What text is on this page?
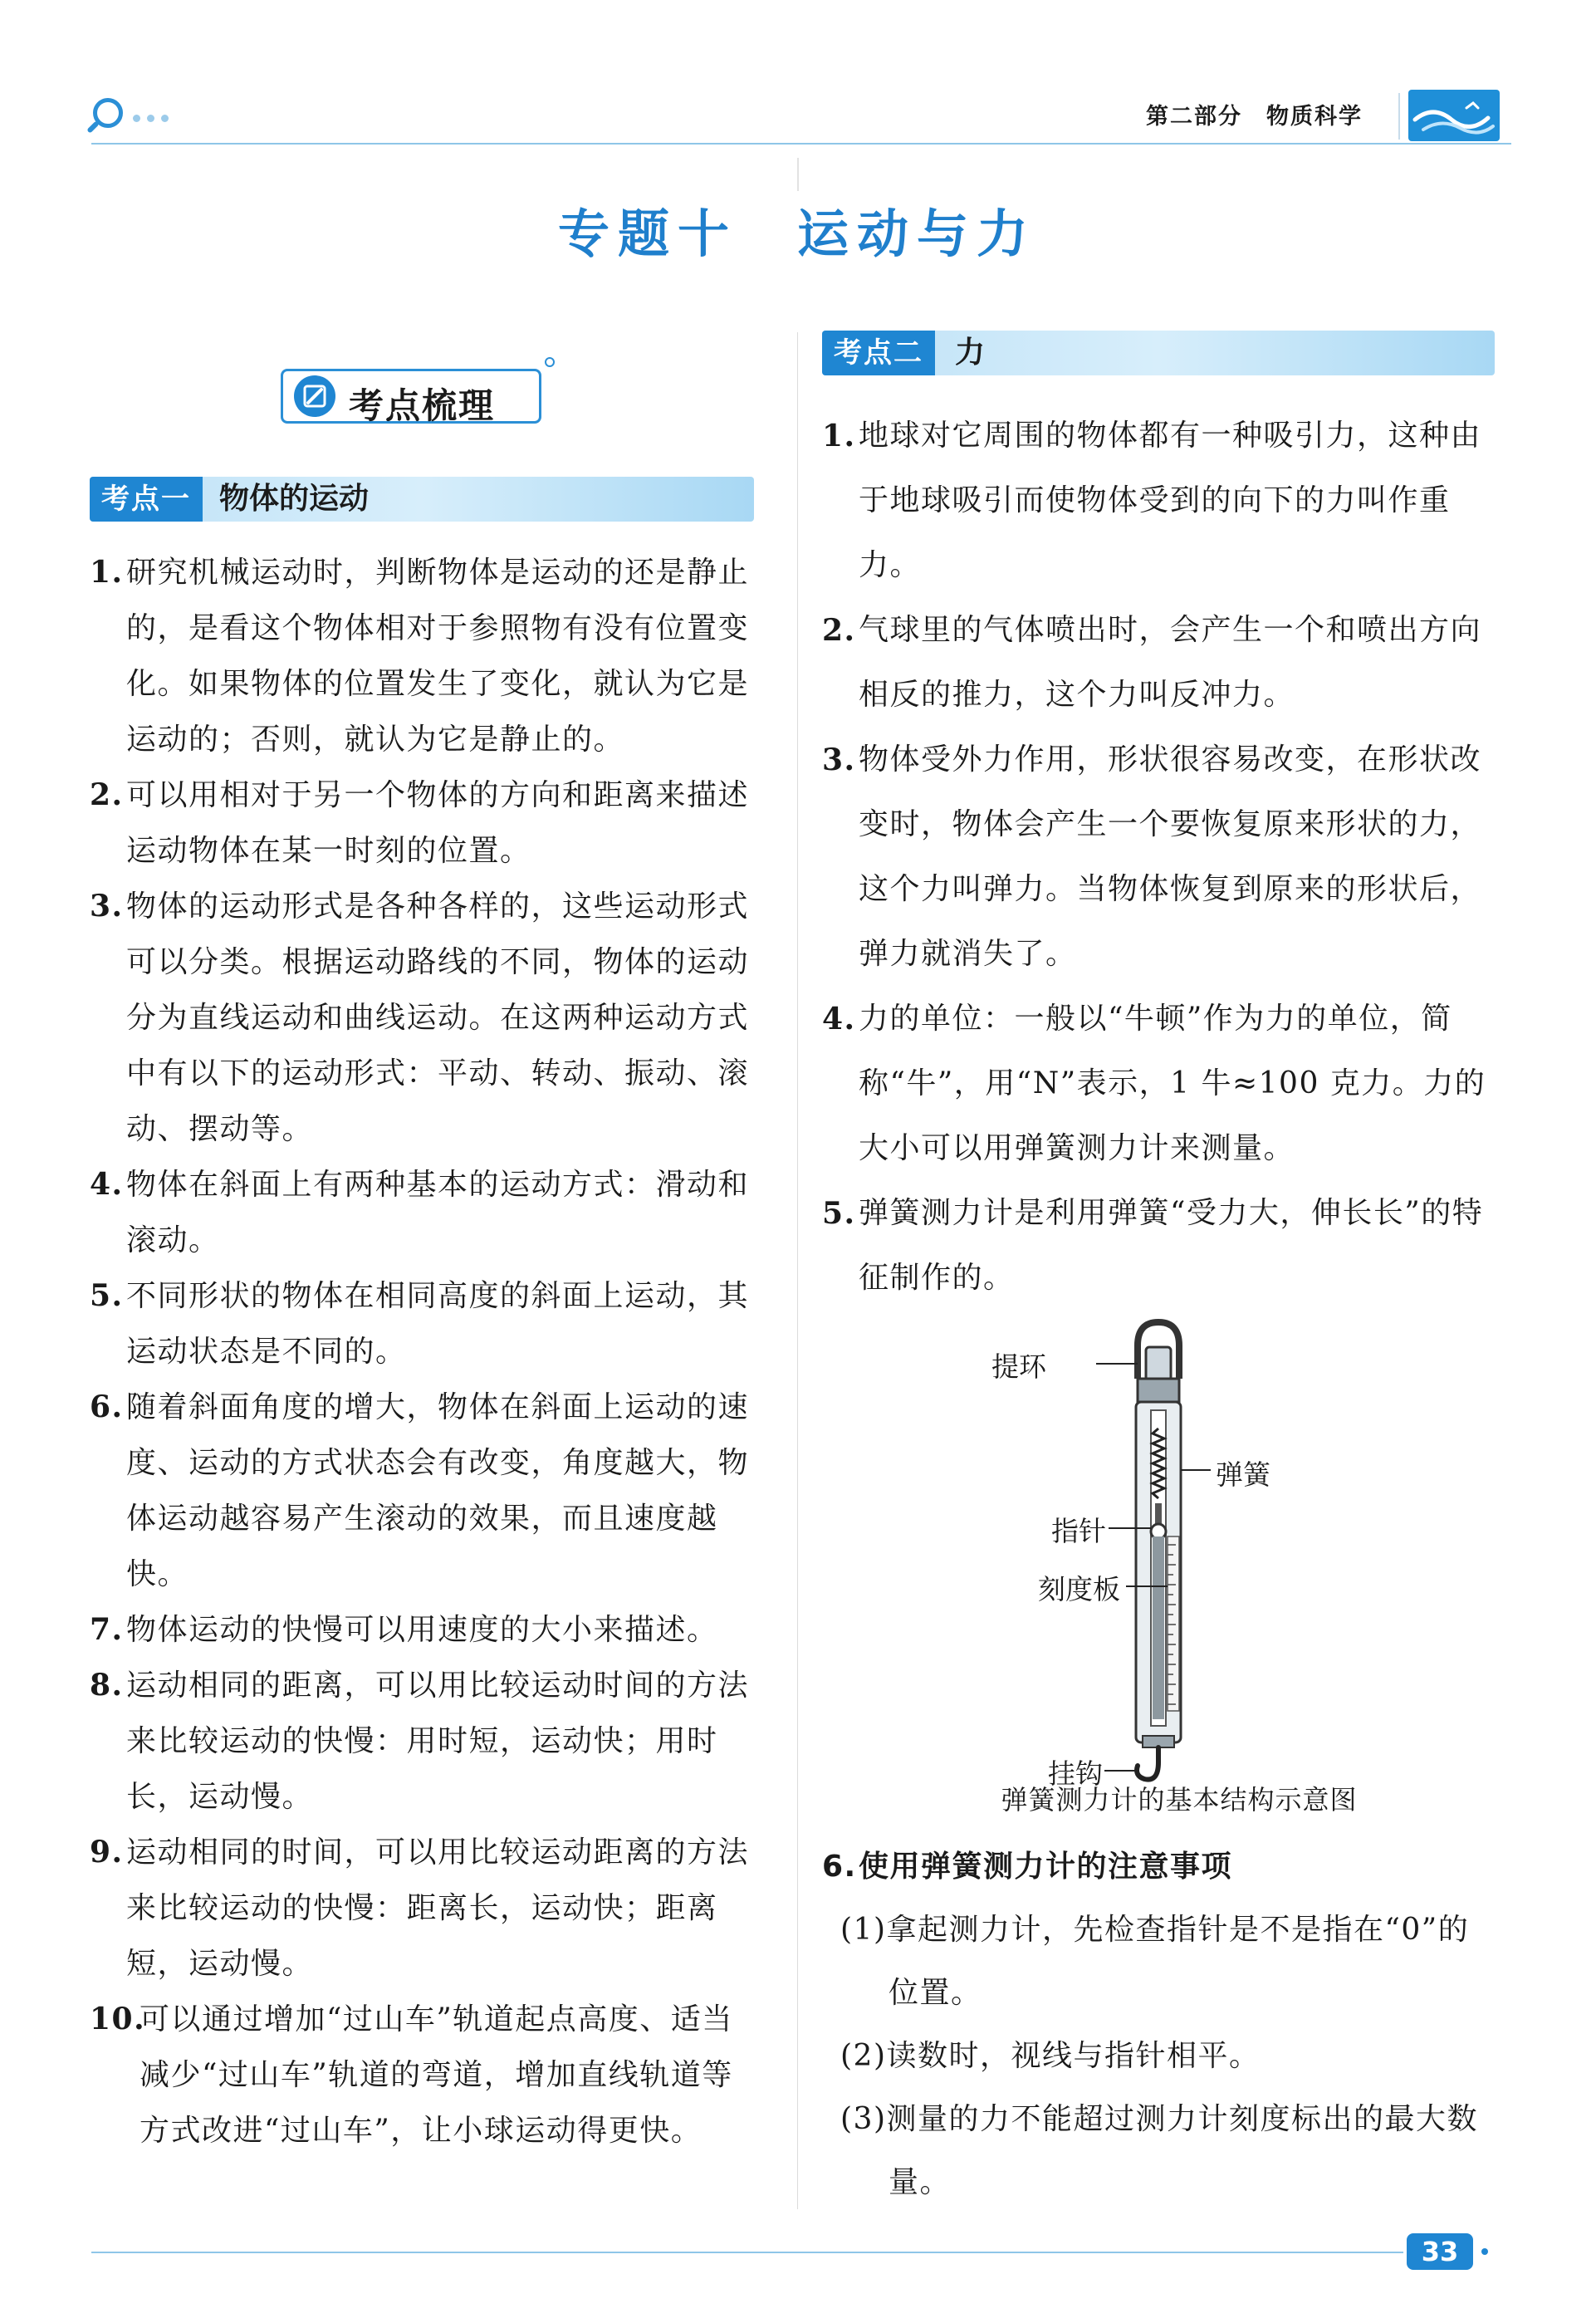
第二部分　物质科学
专题十　运动与力
考点梳理
考点一 物体的运动
1. 研究机械运动时，判断物体是运动的还是静止的，是看这个物体相对于参照物有没有位置变化。如果物体的位置发生了变化，就认为它是运动的；否则，就认为它是静止的。
2. 可以用相对于另一个物体的方向和距离来描述运动物体在某一时刻的位置。
3. 物体的运动形式是各种各样的，这些运动形式可以分类。根据运动路线的不同，物体的运动分为直线运动和曲线运动。在这两种运动方式中有以下的运动形式：平动、转动、振动、滚动、摆动等。
4. 物体在斜面上有两种基本的运动方式：滑动和滚动。
5. 不同形状的物体在相同高度的斜面上运动，其运动状态是不同的。
6. 随着斜面角度的增大，物体在斜面上运动的速度、运动的方式状态会有改变，角度越大，物体运动越容易产生滚动的效果，而且速度越快。
7. 物体运动的快慢可以用速度的大小来描述。
8. 运动相同的距离，可以用比较运动时间的方法来比较运动的快慢：用时短，运动快；用时长，运动慢。
9. 运动相同的时间，可以用比较运动距离的方法来比较运动的快慢：距离长，运动快；距离短，运动慢。
10.
可以通过增加“过山车”轨道起点高度、适当减少“过山车”轨道的弯道，增加直线轨道等方式改进“过山车”，让小球运动得更快。
考点二	力
1. 地球对它周围的物体都有一种吸引力，这种由于地球吸引而使物体受到的向下的力叫作重力。
2. 气球里的气体喷出时，会产生一个和喷出方向相反的推力，这个力叫反冲力。
3. 物体受外力作用，形状很容易改变，在形状改变时，物体会产生一个要恢复原来形状的力，这个力叫弹力。当物体恢复到原来的形状后，弹力就消失了。
4. 力的单位：一般以“牛顿”作为力的单位，简称“牛”，用“N”表示，1 牛≈100 克力。力的大小可以用弹簧测力计来测量。
5. 弹簧测力计是利用弹簧“受力大，伸长长”的特征制作的。
提环
弹簧
指针
刻度板
挂钩
弹簧测力计的基本结构示意图
6. 使用弹簧测力计的注意事项
(1)拿起测力计，先检查指针是不是指在“0”的位置。
(2)读数时，视线与指针相平。
(3)测量的力不能超过测力计刻度标出的最大数量。
33
